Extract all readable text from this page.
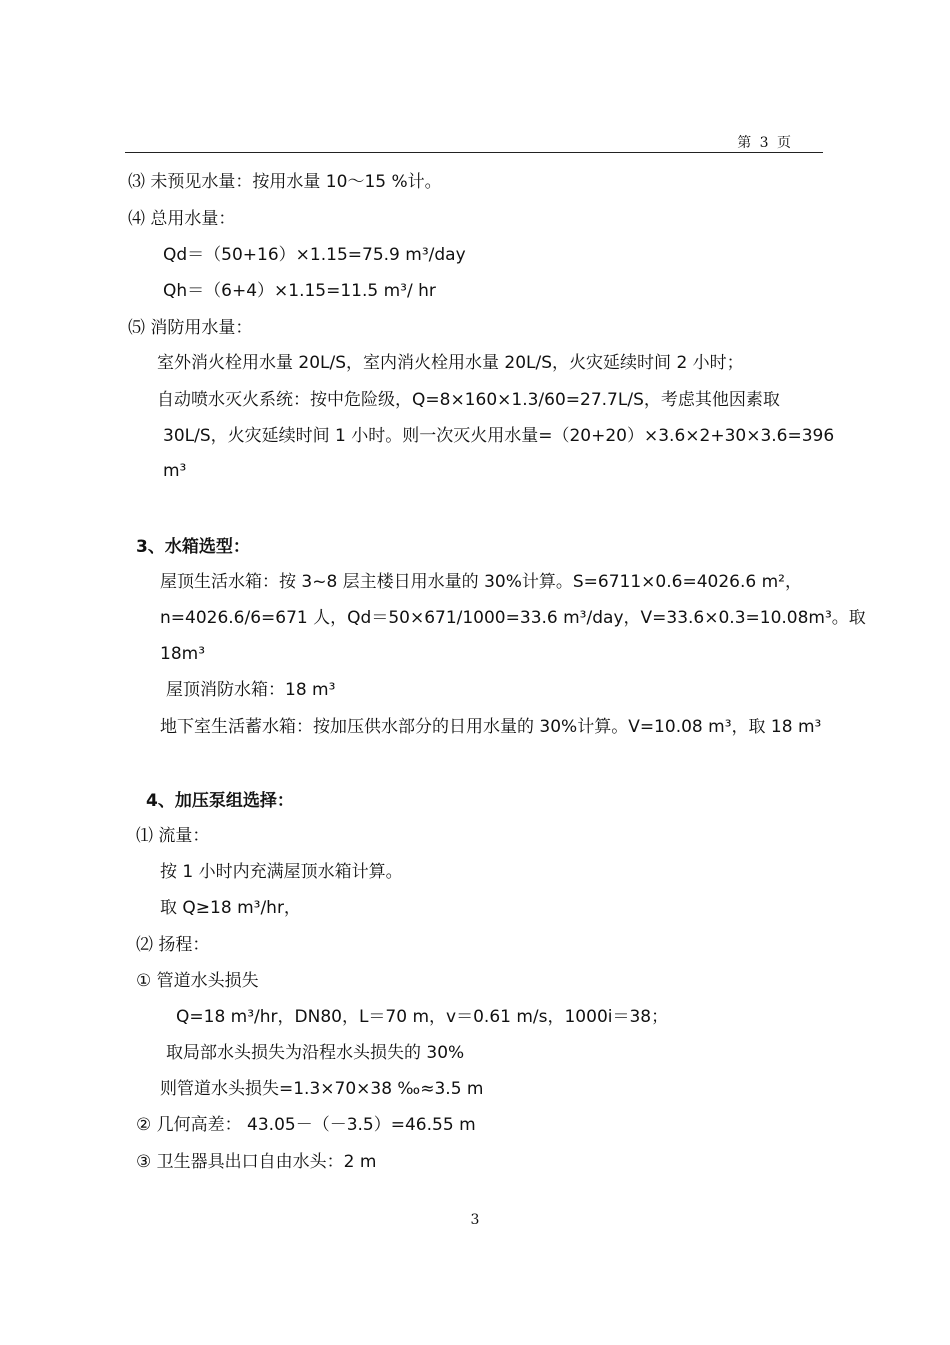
第 3 页
⑶ 未预见水量：按用水量 10～15 %计。
⑷ 总用水量：
Qd＝（50+16）×1.15=75.9 m³/day
Qh＝（6+4）×1.15=11.5 m³/ hr
⑸ 消防用水量：
室外消火栓用水量 20L/S，室内消火栓用水量 20L/S，火灾延续时间 2 小时；
自动喷水灭火系统：按中危险级，Q=8×160×1.3/60=27.7L/S，考虑其他因素取
30L/S，火灾延续时间 1 小时。则一次灭火用水量=（20+20）×3.6×2+30×3.6=396
m³
3、水箱选型：
屋顶生活水箱：按 3~8 层主楼日用水量的 30%计算。S=6711×0.6=4026.6 m²，
n=4026.6/6=671 人，Qd＝50×671/1000=33.6 m³/day，V=33.6×0.3=10.08m³。取
18m³
屋顶消防水箱：18 m³
地下室生活蓄水箱：按加压供水部分的日用水量的 30%计算。V=10.08 m³，取 18 m³
4、加压泵组选择：
⑴ 流量：
按 1 小时内充满屋顶水箱计算。
取 Q≥18 m³/hr，
⑵ 扬程：
① 管道水头损失
Q=18 m³/hr，DN80，L＝70 m，v＝0.61 m/s，1000i＝38；
取局部水头损失为沿程水头损失的 30%
则管道水头损失=1.3×70×38 ‰≈3.5 m
② 几何高差： 43.05－（－3.5）=46.55 m
③ 卫生器具出口自由水头：2 m
3
